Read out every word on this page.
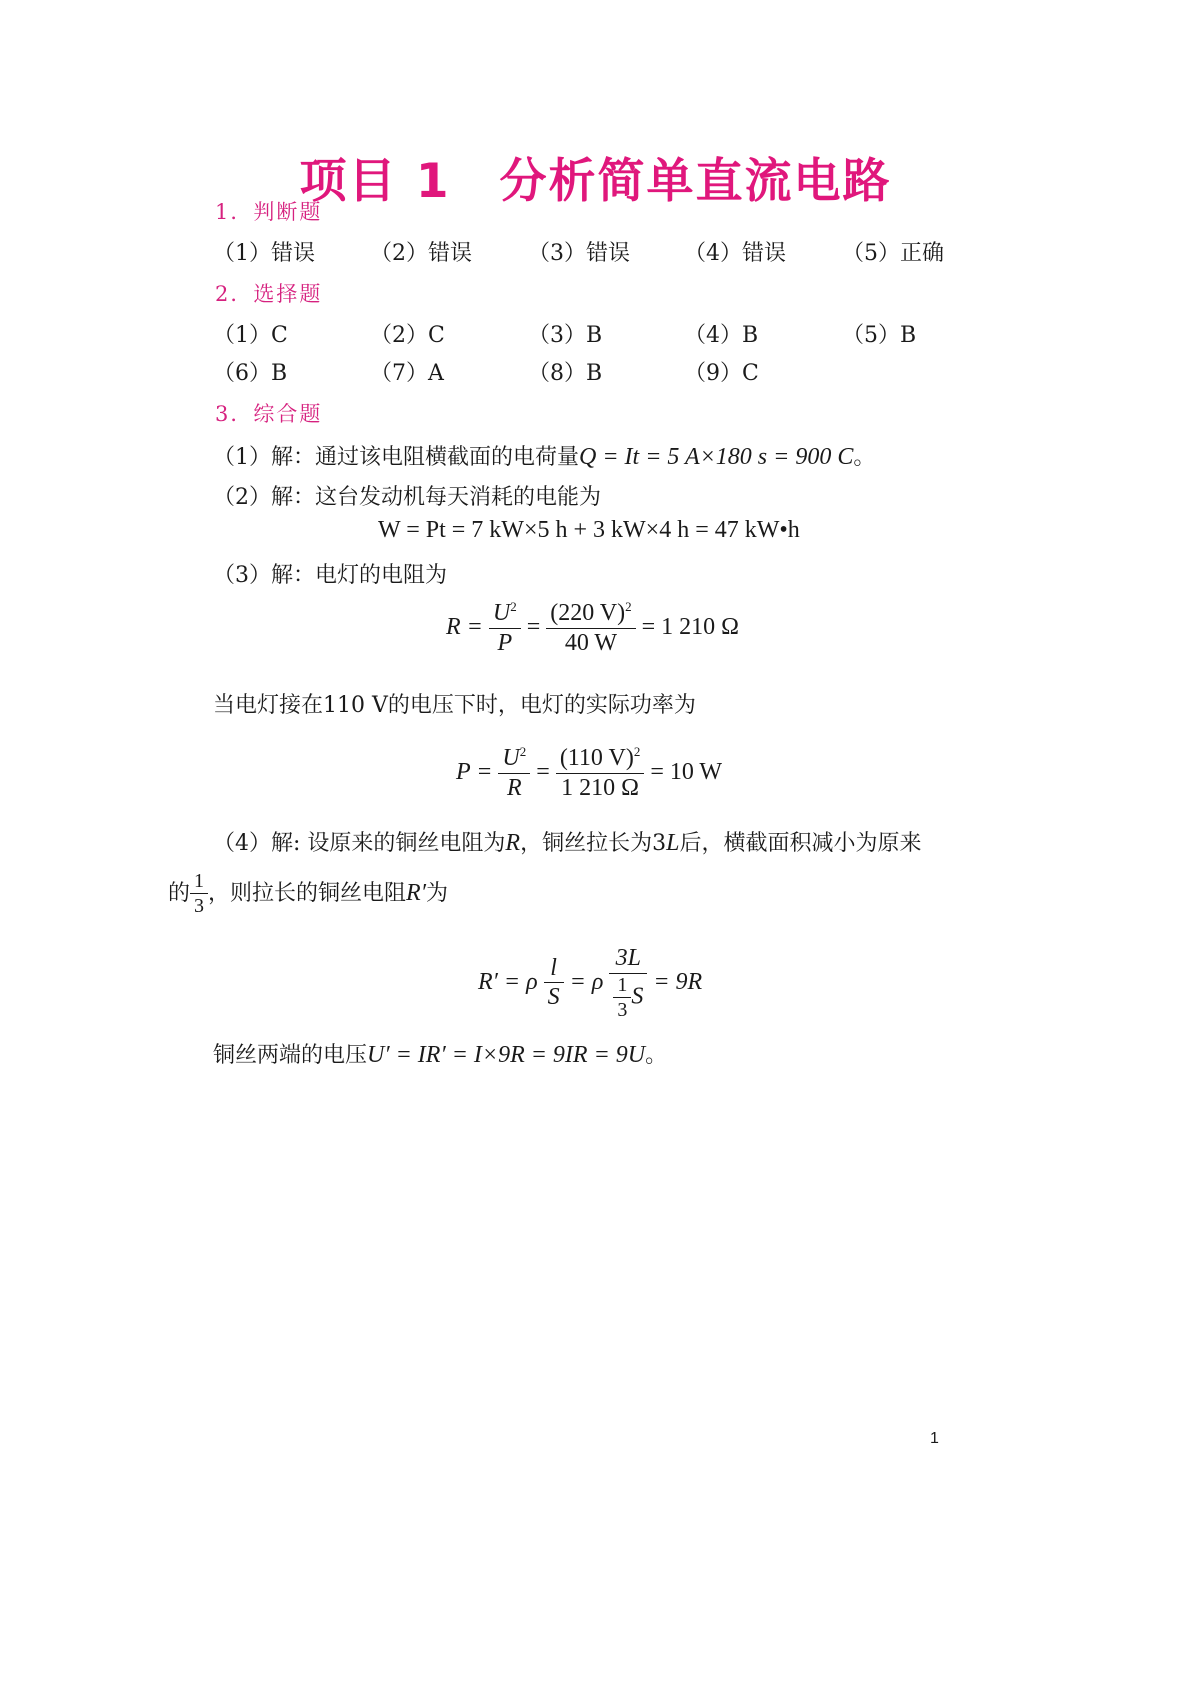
项目 1　分析简单直流电路
1．判断题
（1）错误	（2）错误	（3）错误 （4）错误	（5）正确
2．选择题
（1）C	（2）C	（3）B	（4）B	（5）B
（6）B	（7）A	（8）B	（9）C
3．综合题
（1）解：通过该电阻横截面的电荷量Q = It = 5 A×180 s = 900 C。
（2）解：这台发动机每天消耗的电能为
W = Pt = 7 kW×5 h + 3 kW×4 h = 47 kW•h
（3）解：电灯的电阻为
$R = \frac{U^2}{P} = \frac{(220 V)^2}{40 W} = 1$ 210 Ω
当电灯接在110 V的电压下时，电灯的实际功率为
$P = \frac{U^2}{R} = \frac{(110 V)^2}{1 210 \Omega} = 10$ W
（4）解: 设原来的铜丝电阻为R，铜丝拉长为3L后，横截面积减小为原来
的 $\frac{1}{3}$ ，则拉长的铜丝电阻R′为
R′ = ρ $\frac{l}{S} = \rho \frac{3L}{\frac{1}{3} S} = 9R$
铜丝两端的电压U′ = IR′ = I×9R = 9IR = 9U。
1
